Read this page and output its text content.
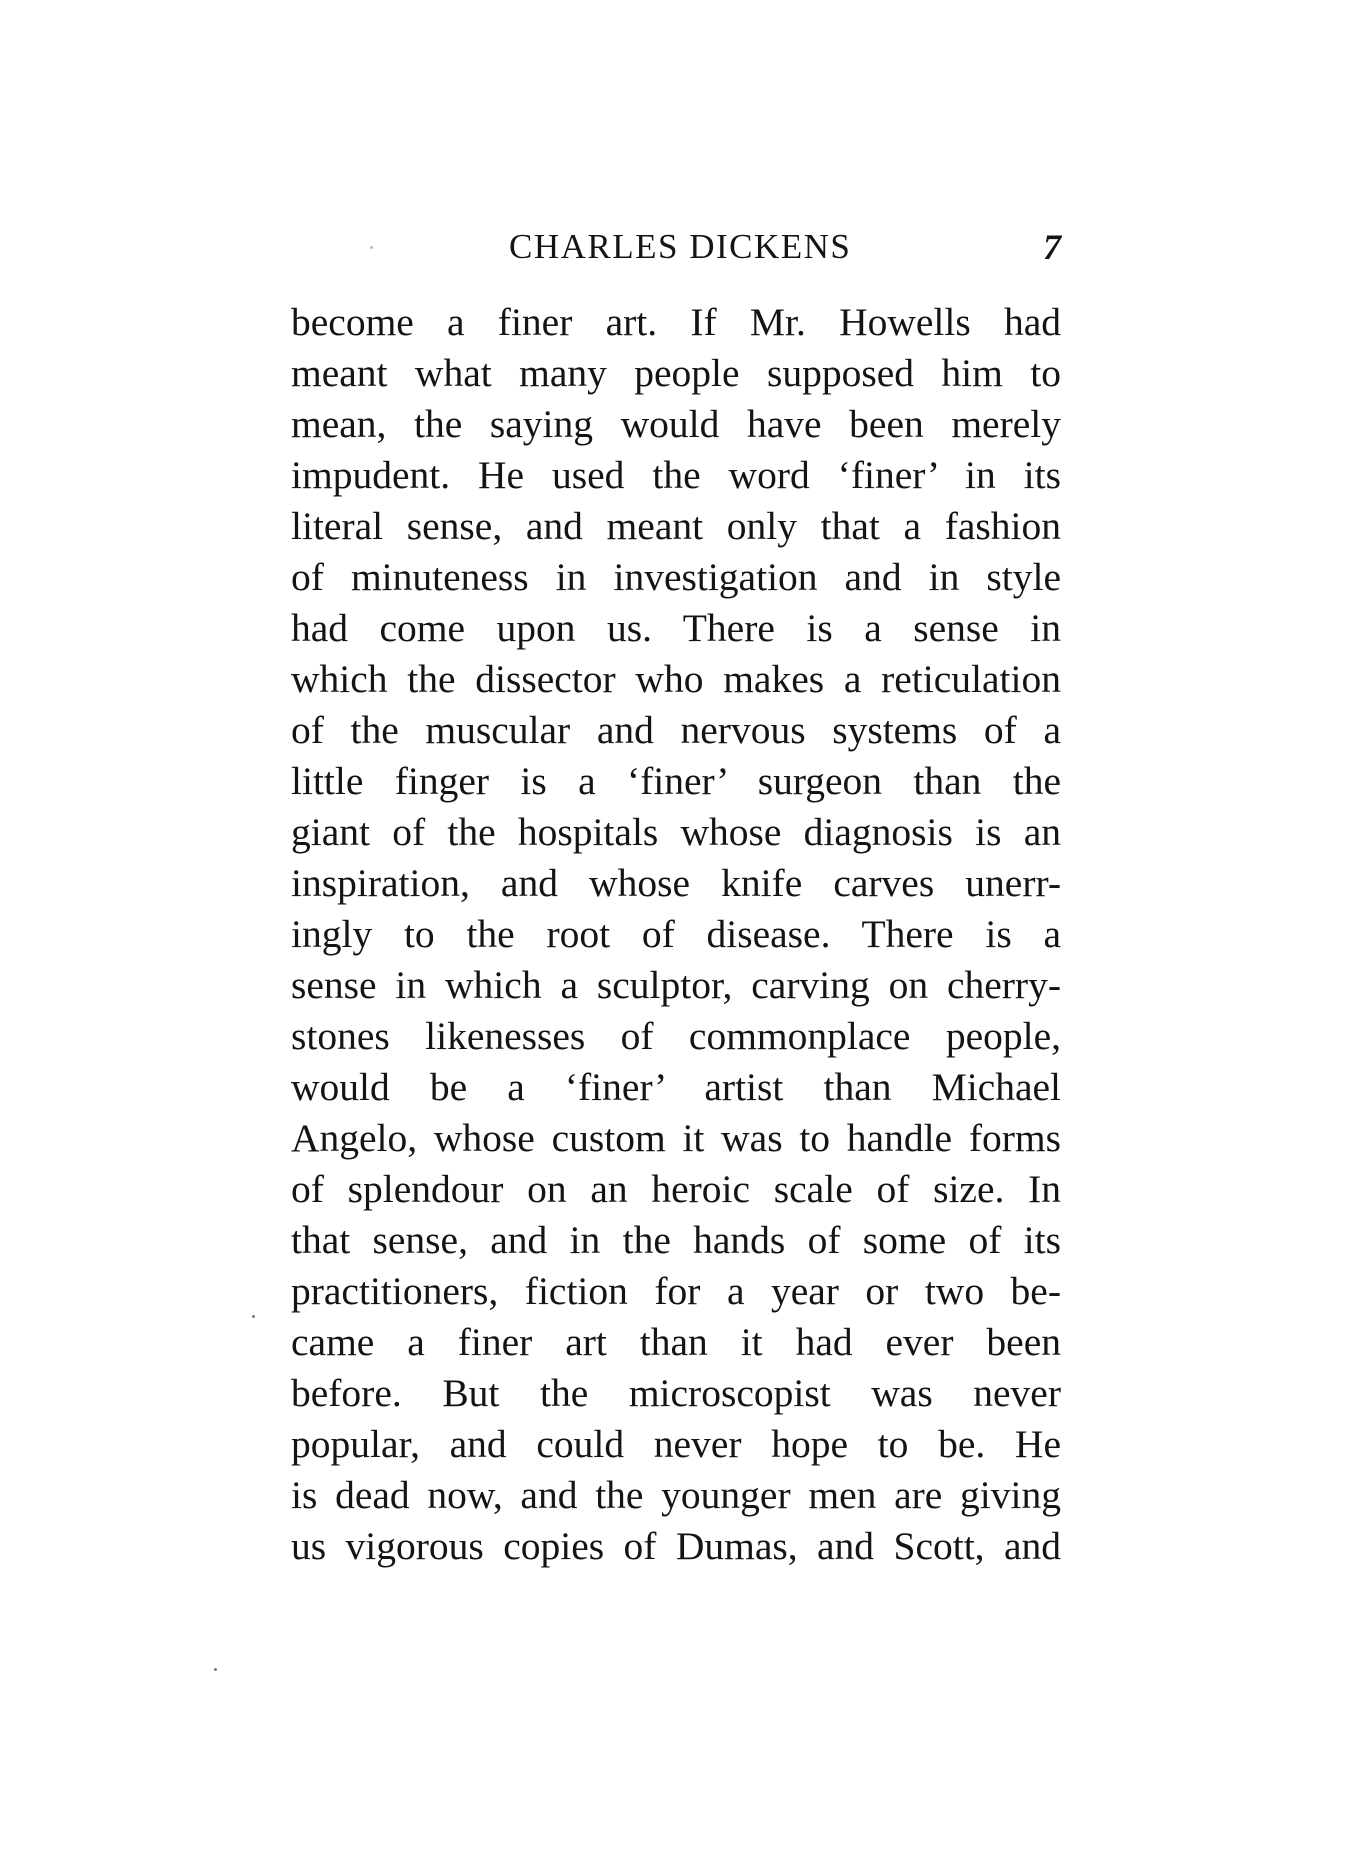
CHARLES DICKENS	7
become a finer art. If Mr. Howells had
meant what many people supposed him to
mean, the saying would have been merely
impudent. He used the word ‘finer’ in its
literal sense, and meant only that a fashion
of minuteness in investigation and in style
had come upon us. There is a sense in
which the dissector who makes a reticulation
of the muscular and nervous systems of a
little finger is a ‘finer’ surgeon than the
giant of the hospitals whose diagnosis is an
inspiration, and whose knife carves unerr-
ingly to the root of disease. There is a
sense in which a sculptor, carving on cherry-
stones likenesses of commonplace people,
would be a ‘finer’ artist than Michael
Angelo, whose custom it was to handle forms
of splendour on an heroic scale of size. In
that sense, and in the hands of some of its
practitioners, fiction for a year or two be-
came a finer art than it had ever been
before. But the microscopist was never
popular, and could never hope to be. He
is dead now, and the younger men are giving
us vigorous copies of Dumas, and Scott, and
